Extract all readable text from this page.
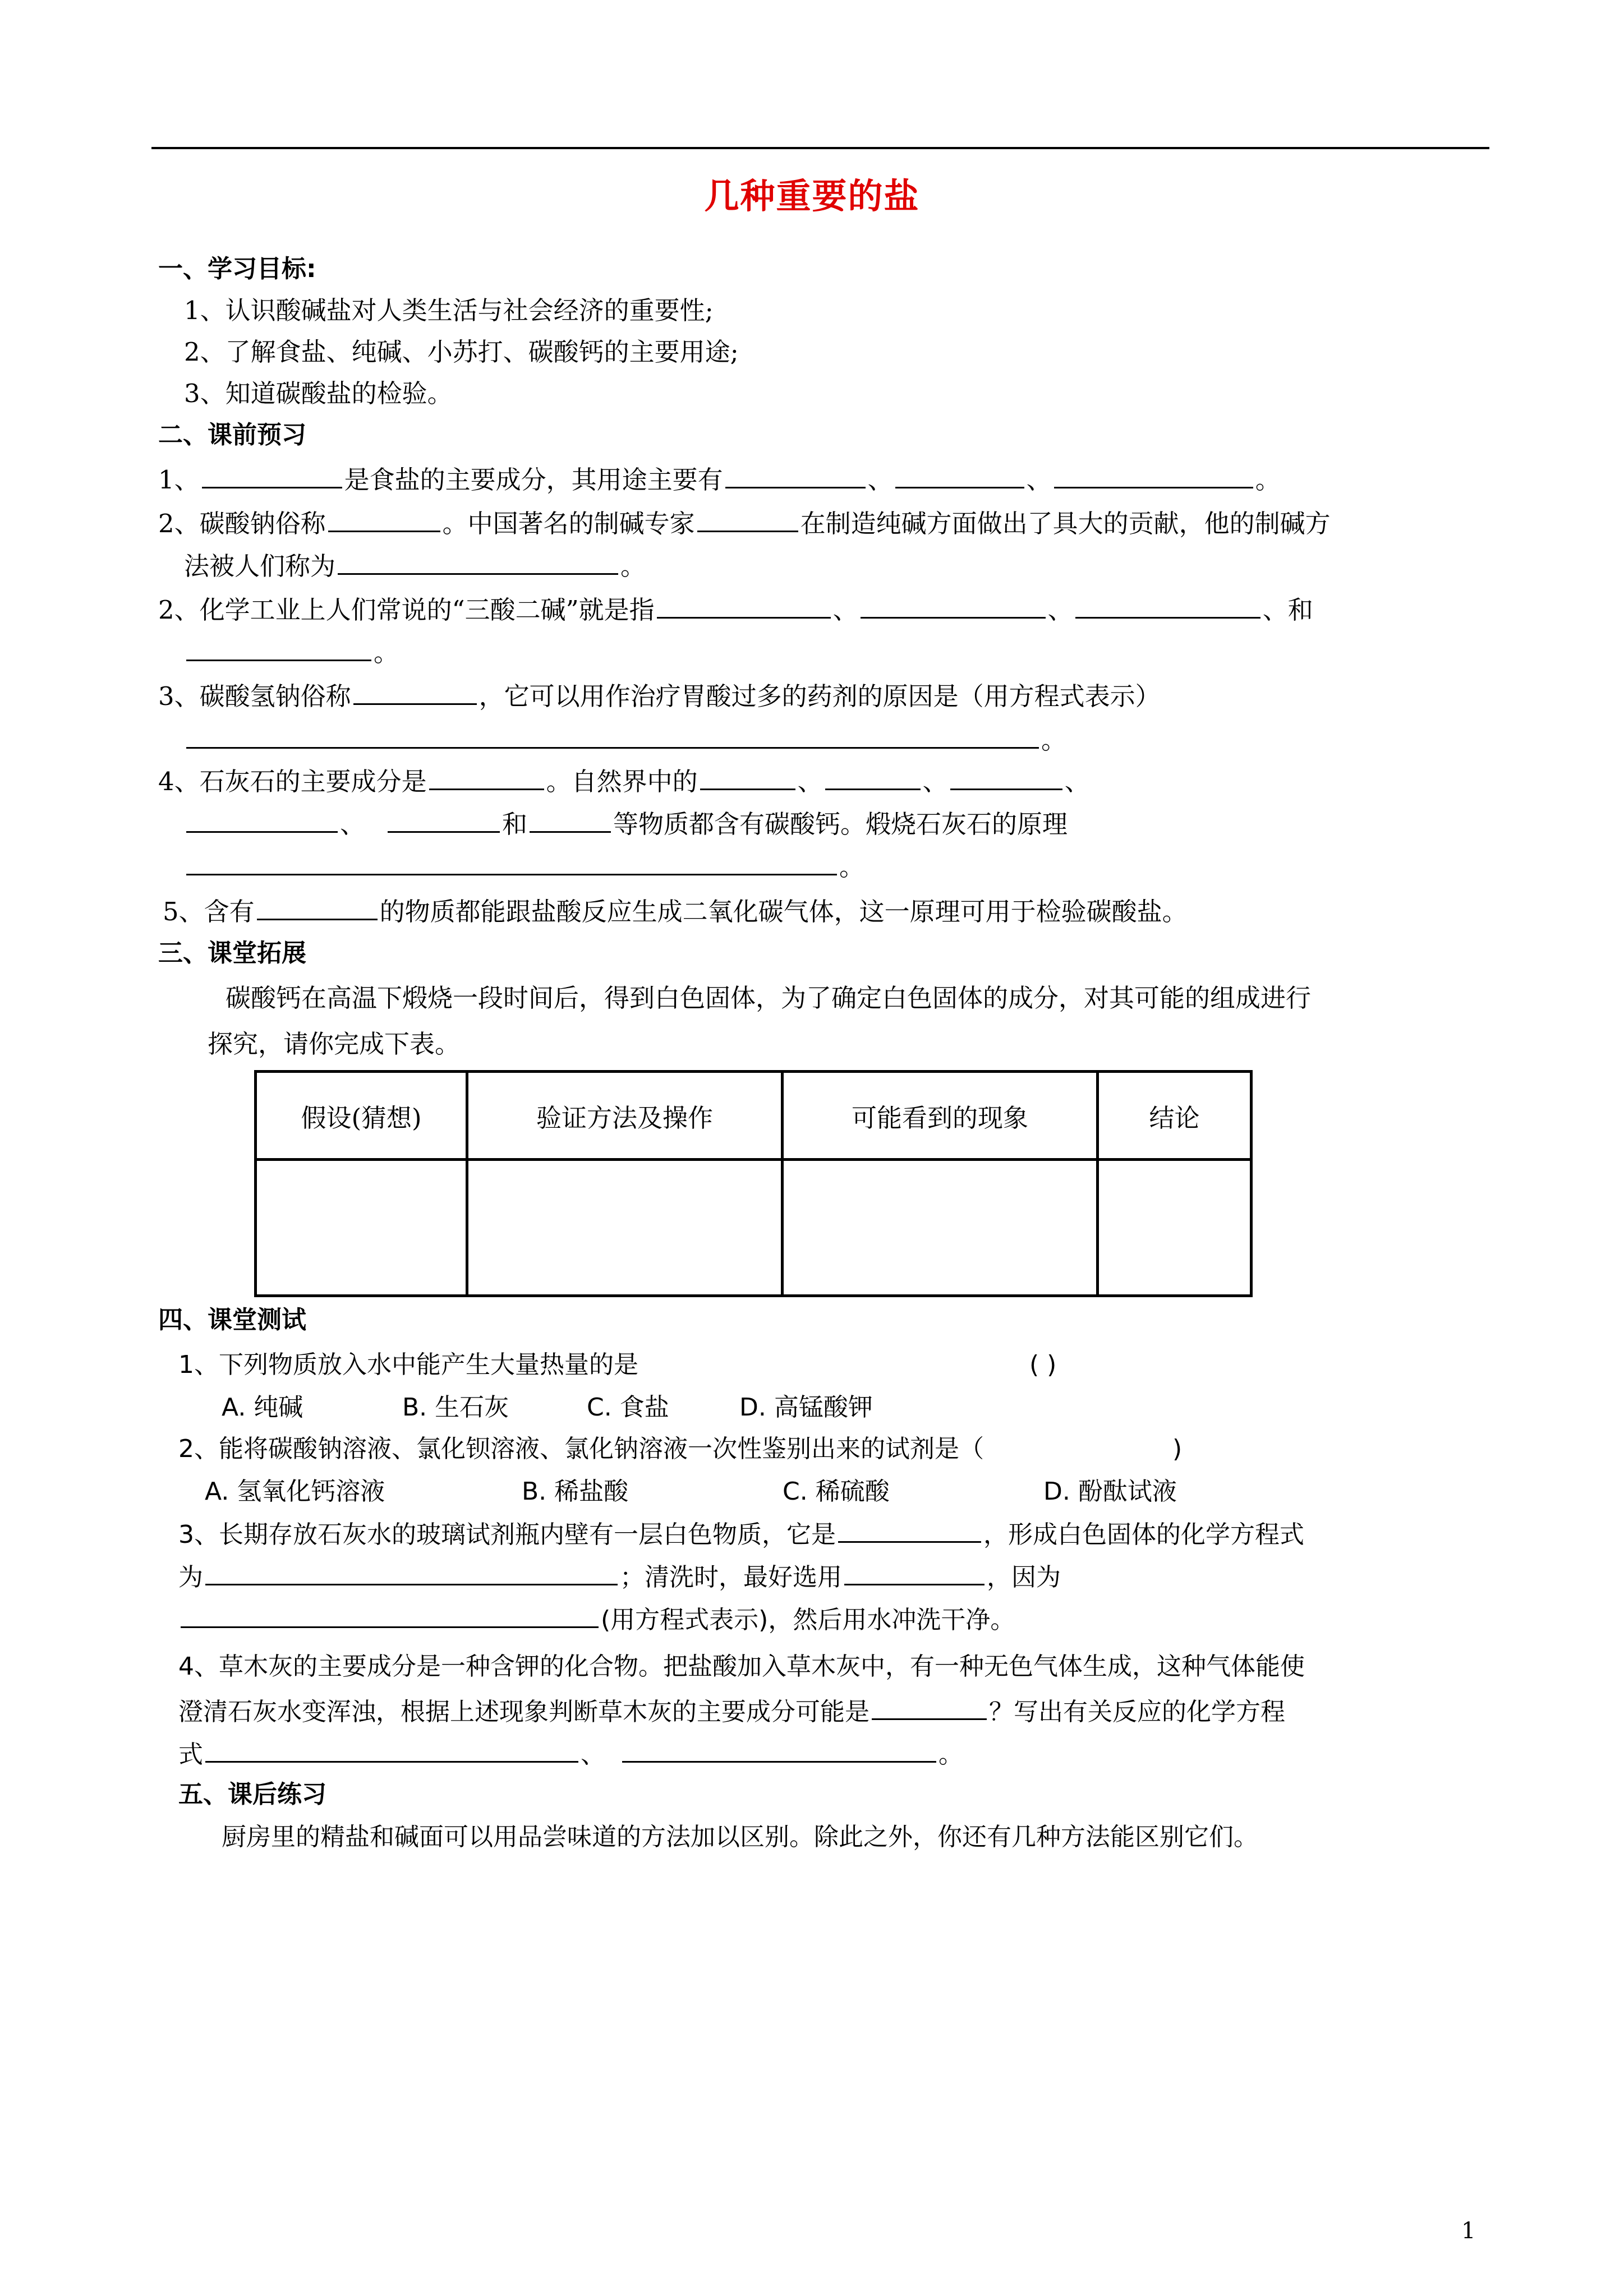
几种重要的盐
一、学习目标:
1、认识酸碱盐对人类生活与社会经济的重要性;
2、了解食盐、纯碱、小苏打、碳酸钙的主要用途;
3、知道碳酸盐的检验。
二、课前预习
1、	是食盐的主要成分，其用途主要有	、	、	。
2、碳酸钠俗称	。中国著名的制碱专家	在制造纯碱方面做出了具大的贡献，他的制碱方
法被人们称为	。
2、化学工业上人们常说的“三酸二碱”就是指	、	、	、和
。
3、碳酸氢钠俗称	，它可以用作治疗胃酸过多的药剂的原因是（用方程式表示）
。
4、石灰石的主要成分是	。自然界中的	、	、	、
、	和	等物质都含有碳酸钙。煅烧石灰石的原理
。
5、含有	的物质都能跟盐酸反应生成二氧化碳气体，这一原理可用于检验碳酸盐。
三、课堂拓展
碳酸钙在高温下煅烧一段时间后，得到白色固体，为了确定白色固体的成分，对其可能的组成进行
探究，请你完成下表。
假设(猜想)	验证方法及操作	可能看到的现象	结论

四、课堂测试
1、下列物质放入水中能产生大量热量的是	( )
A. 纯碱	B. 生石灰	C. 食盐	D. 高锰酸钾
2、能将碳酸钠溶液、氯化钡溶液、氯化钠溶液一次性鉴别出来的试剂是（	)
A. 氢氧化钙溶液	B. 稀盐酸	C. 稀硫酸	D. 酚酞试液
3、长期存放石灰水的玻璃试剂瓶内壁有一层白色物质，它是	，形成白色固体的化学方程式
为	；清洗时，最好选用	，因为
(用方程式表示)，然后用水冲洗干净。
4、草木灰的主要成分是一种含钾的化合物。把盐酸加入草木灰中，有一种无色气体生成，这种气体能使
澄清石灰水变浑浊，根据上述现象判断草木灰的主要成分可能是	？写出有关反应的化学方程
式	、	。
五、课后练习
厨房里的精盐和碱面可以用品尝味道的方法加以区别。除此之外，你还有几种方法能区别它们。
1
